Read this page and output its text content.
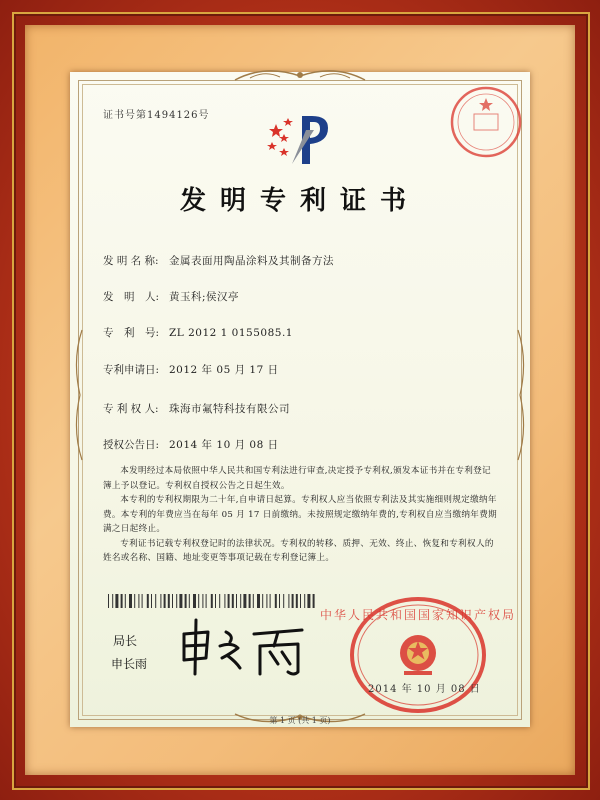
证书号第1494126号
发明专利证书
发 明 名 称: 金属表面用陶晶涂料及其制备方法
发　明　人: 黄玉科;侯汉亭
专　利　号: ZL 2012 1 0155085.1
专利申请日: 2012 年 05 月 17 日
专 利 权 人: 珠海市氟特科技有限公司
授权公告日: 2014 年 10 月 08 日

本发明经过本局依照中华人民共和国专利法进行审查,决定授予专利权,颁发本证书并在专利登记簿上予以登记。专利权自授权公告之日起生效。

本专利的专利权期限为二十年,自申请日起算。专利权人应当依照专利法及其实施细则规定缴纳年费。本专利的年费应当在每年 05 月 17 日前缴纳。未按照规定缴纳年费的,专利权自应当缴纳年费期满之日起终止。

专利证书记载专利权登记时的法律状况。专利权的转移、质押、无效、终止、恢复和专利权人的姓名或名称、国籍、地址变更等事项记载在专利登记簿上。

局长
申长雨
中华人民共和国国家知识产权局
2014 年 10 月 08 日
第 1 页 (共 1 页)
